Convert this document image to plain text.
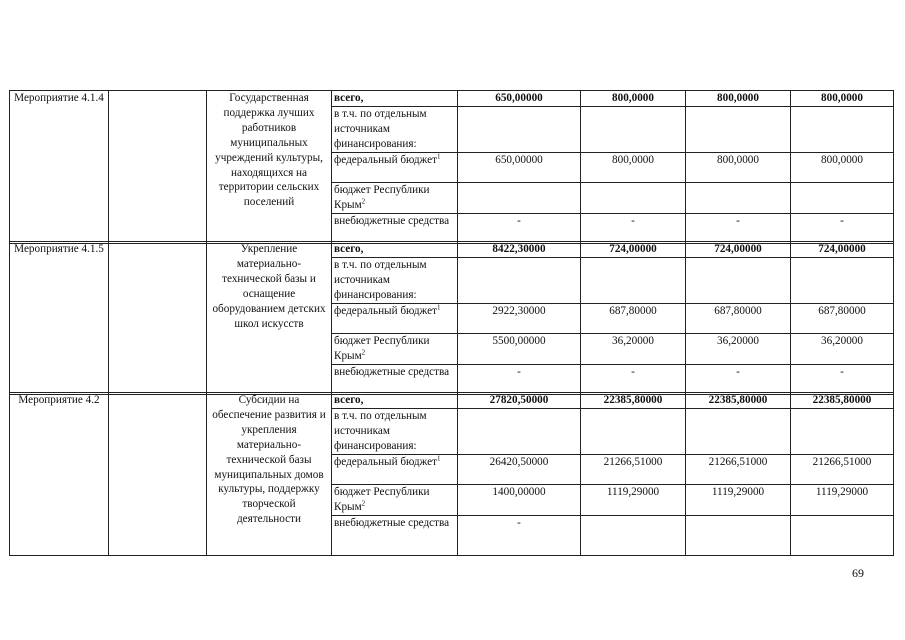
Мероприятие 4.1.4		Государственная поддержка лучших работников муниципальных учреждений культуры, находящихся на территории сельских поселений	всего,	650,00000	800,0000	800,0000	800,0000
			в т.ч. по отдельным источникам финансирования:				
			федеральный бюджет$^1$	650,00000	800,0000	800,0000	800,0000
			бюджет Республики Крым$^2$				
			внебюджетные средства	-	-	-	-
Мероприятие 4.1.5		Укрепление материально-технической базы и оснащение оборудованием детских школ искусств	всего,	8422,30000	724,00000	724,00000	724,00000
			в т.ч. по отдельным источникам финансирования:				
			федеральный бюджет$^1$	2922,30000	687,80000	687,80000	687,80000
			бюджет Республики Крым$^2$	5500,00000	36,20000	36,20000	36,20000
			внебюджетные средства	-	-	-	-
Мероприятие 4.2		Субсидии на обеспечение развития и укрепления материально-технической базы муниципальных домов культуры, поддержку творческой деятельности	всего,	27820,50000	22385,80000	22385,80000	22385,80000
			в т.ч. по отдельным источникам финансирования:				
			федеральный бюджет$^1$	26420,50000	21266,51000	21266,51000	21266,51000
			бюджет Республики Крым$^2$	1400,00000	1119,29000	1119,29000	1119,29000
			внебюджетные средства	-			
69
